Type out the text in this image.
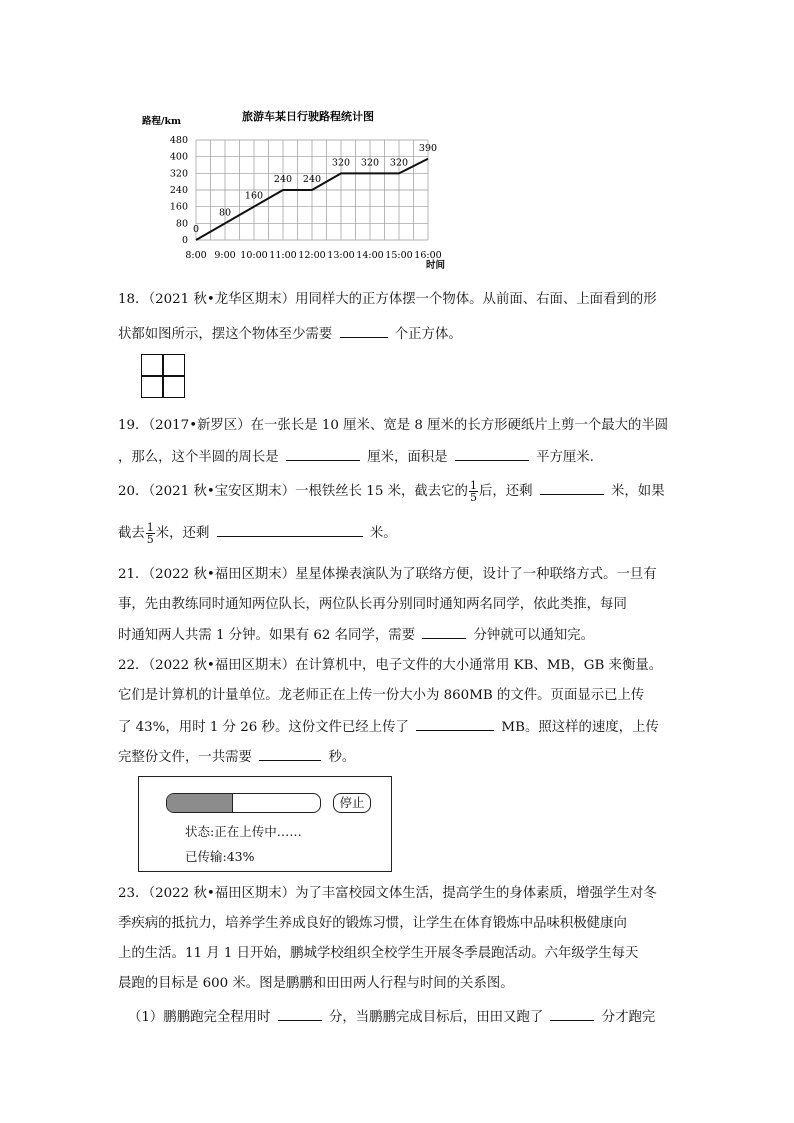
旅游车某日行驶路程统计图
路程/km
时间
480
400
320
240
160
80
0
8:00 9:00 10:00 11:00 12:00 13:00 14:00 15:00 16:00
0
80
160
240 240
320 320 320
390
18．（2021 秋•龙华区期末）用同样大的正方体摆一个物体。从前面、右面、上面看到的形
状都如图所示，摆这个物体至少需要	个正方体。
19．（2017•新罗区）在一张长是 10 厘米、宽是 8 厘米的长方形硬纸片上剪一个最大的半圆
，那么，这个半圆的周长是	厘米，面积是	平方厘米.
20．（2021 秋•宝安区期末）一根铁丝长 15 米，截去它的 $\frac{1}{5}$ 后，还剩	米，如果
截去 $\frac{1}{5}$ 米，还剩	米。
21．（2022 秋•福田区期末）星星体操表演队为了联络方便，设计了一种联络方式。一旦有
事，先由教练同时通知两位队长，两位队长再分别同时通知两名同学，依此类推，每同
时通知两人共需 1 分钟。如果有 62 名同学，需要	分钟就可以通知完。
22．（2022 秋•福田区期末）在计算机中，电子文件的大小通常用 KB、MB，GB 来衡量。
它们是计算机的计量单位。龙老师正在上传一份大小为 860MB 的文件。页面显示已上传
了 43%，用时 1 分 26 秒。这份文件已经上传了	MB。照这样的速度，上传
完整份文件，一共需要	秒。
停止
状态:正在上传中……
已传输:43%
23．（2022 秋•福田区期末）为了丰富校园文体生活，提高学生的身体素质，增强学生对冬
季疾病的抵抗力，培养学生养成良好的锻炼习惯，让学生在体育锻炼中品味积极健康向
上的生活。11 月 1 日开始，鹏城学校组织全校学生开展冬季晨跑活动。六年级学生每天
晨跑的目标是 600 米。图是鹏鹏和田田两人行程与时间的关系图。
（1）鹏鹏跑完全程用时	分，当鹏鹏完成目标后，田田又跑了	分才跑完
